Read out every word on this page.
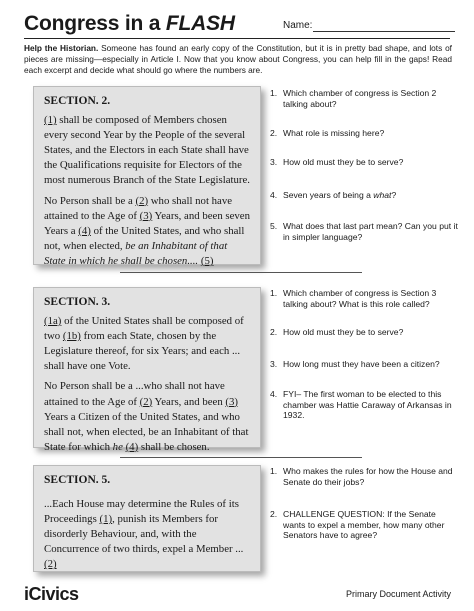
Congress in a FLASH	Name:
Help the Historian. Someone has found an early copy of the Constitution, but it is in pretty bad shape, and lots of pieces are missing—especially in Article I. Now that you know about Congress, you can help fill in the gaps! Read each excerpt and decide what should go where the numbers are.
SECTION. 2.

(1) shall be composed of Members chosen every second Year by the People of the several States, and the Electors in each State shall have the Qualifications requisite for Electors of the most numerous Branch of the State Legislature.

No Person shall be a (2) who shall not have attained to the Age of (3) Years, and been seven Years a (4) of the United States, and who shall not, when elected, be an Inhabitant of that State in which he shall be chosen.... (5)

1. Which chamber of congress is Section 2 talking about?
2. What role is missing here?
3. How old must they be to serve?
4. Seven years of being a what?
5. What does that last part mean? Can you put it in simpler language?
SECTION. 3.

(1a) of the United States shall be composed of two (1b) from each State, chosen by the Legislature thereof, for six Years; and each ... shall have one Vote.

No Person shall be a ...who shall not have attained to the Age of (2) Years, and been (3) Years a Citizen of the United States, and who shall not, when elected, be an Inhabitant of that State for which he (4) shall be chosen.

1. Which chamber of congress is Section 3 talking about? What is this role called?
2. How old must they be to serve?
3. How long must they have been a citizen?
4. FYI– The first woman to be elected to this chamber was Hattie Caraway of Arkansas in 1932.
SECTION. 5.

...Each House may determine the Rules of its Proceedings (1), punish its Members for disorderly Behaviour, and, with the Concurrence of two thirds, expel a Member ... (2)

1. Who makes the rules for how the House and Senate do their jobs?
2. CHALLENGE QUESTION: If the Senate wants to expel a member, how many other Senators have to agree?
iCivics	Primary Document Activity
